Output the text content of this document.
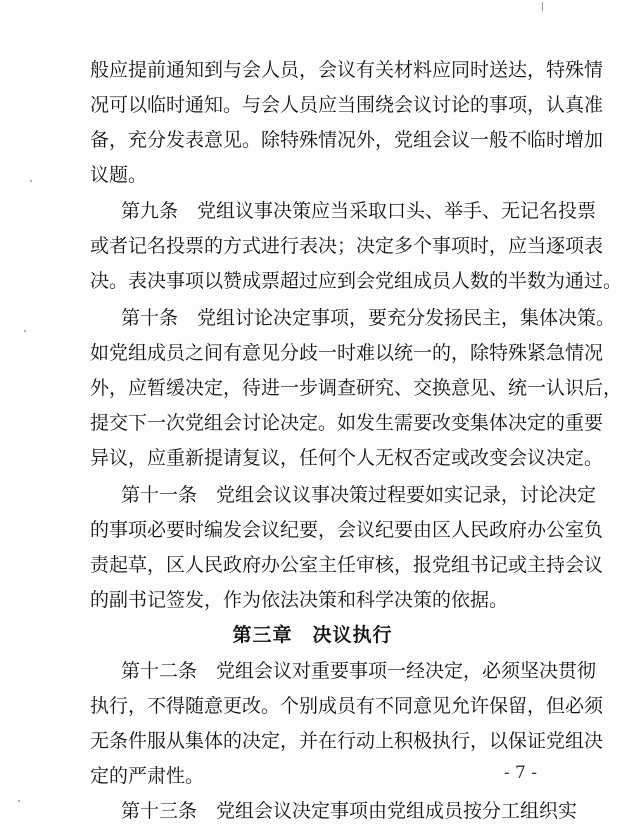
般应提前通知到与会人员，会议有关材料应同时送达，特殊情
况可以临时通知。与会人员应当围绕会议讨论的事项，认真准
备，充分发表意见。除特殊情况外，党组会议一般不临时增加
议题。
第九条　党组议事决策应当采取口头、举手、无记名投票
或者记名投票的方式进行表决；决定多个事项时，应当逐项表
决。表决事项以赞成票超过应到会党组成员人数的半数为通过。
第十条　党组讨论决定事项，要充分发扬民主，集体决策。
如党组成员之间有意见分歧一时难以统一的，除特殊紧急情况
外，应暂缓决定，待进一步调查研究、交换意见、统一认识后，
提交下一次党组会讨论决定。如发生需要改变集体决定的重要
异议，应重新提请复议，任何个人无权否定或改变会议决定。
第十一条　党组会议议事决策过程要如实记录，讨论决定
的事项必要时编发会议纪要，会议纪要由区人民政府办公室负
责起草，区人民政府办公室主任审核，报党组书记或主持会议
的副书记签发，作为依法决策和科学决策的依据。
第三章　决议执行
第十二条　党组会议对重要事项一经决定，必须坚决贯彻
执行，不得随意更改。个别成员有不同意见允许保留，但必须
无条件服从集体的决定，并在行动上积极执行，以保证党组决
定的严肃性。
第十三条　党组会议决定事项由党组成员按分工组织实
- 7 -
